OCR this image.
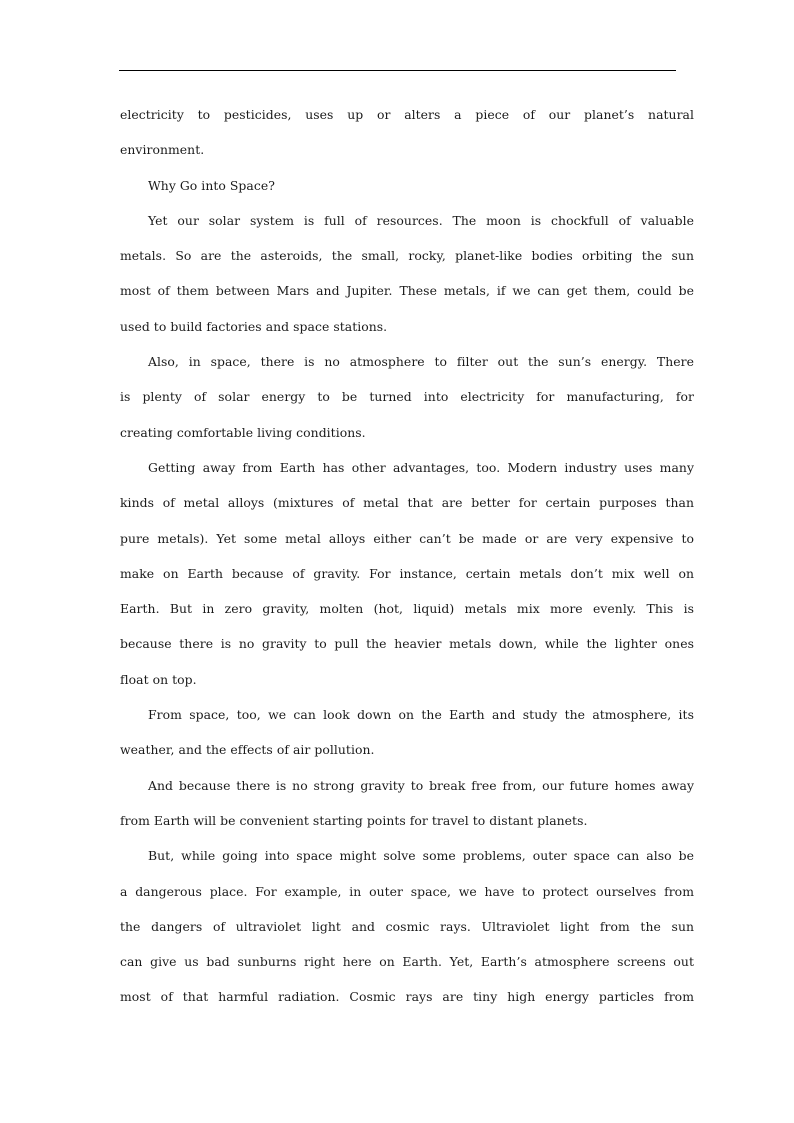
electricity to pesticides, uses up or alters a piece of our planet’s natural
environment.
Why Go into Space?
Yet our solar system is full of resources. The moon is chockfull of valuable
metals. So are the asteroids, the small, rocky, planet-like bodies orbiting the sun
most of them between Mars and Jupiter. These metals, if we can get them, could be
used to build factories and space stations.
Also, in space, there is no atmosphere to filter out the sun’s energy. There
is plenty of solar energy to be turned into electricity for manufacturing, for
creating comfortable living conditions.
Getting away from Earth has other advantages, too. Modern industry uses many
kinds of metal alloys (mixtures of metal that are better for certain purposes than
pure metals). Yet some metal alloys either can’t be made or are very expensive to
make on Earth because of gravity. For instance, certain metals don’t mix well on
Earth. But in zero gravity, molten (hot, liquid) metals mix more evenly. This is
because there is no gravity to pull the heavier metals down, while the lighter ones
float on top.
From space, too, we can look down on the Earth and study the atmosphere, its
weather, and the effects of air pollution.
And because there is no strong gravity to break free from, our future homes away
from Earth will be convenient starting points for travel to distant planets.
But, while going into space might solve some problems, outer space can also be
a dangerous place. For example, in outer space, we have to protect ourselves from
the dangers of ultraviolet light and cosmic rays. Ultraviolet light from the sun
can give us bad sunburns right here on Earth. Yet, Earth’s atmosphere screens out
most of that harmful radiation. Cosmic rays are tiny high energy particles from
